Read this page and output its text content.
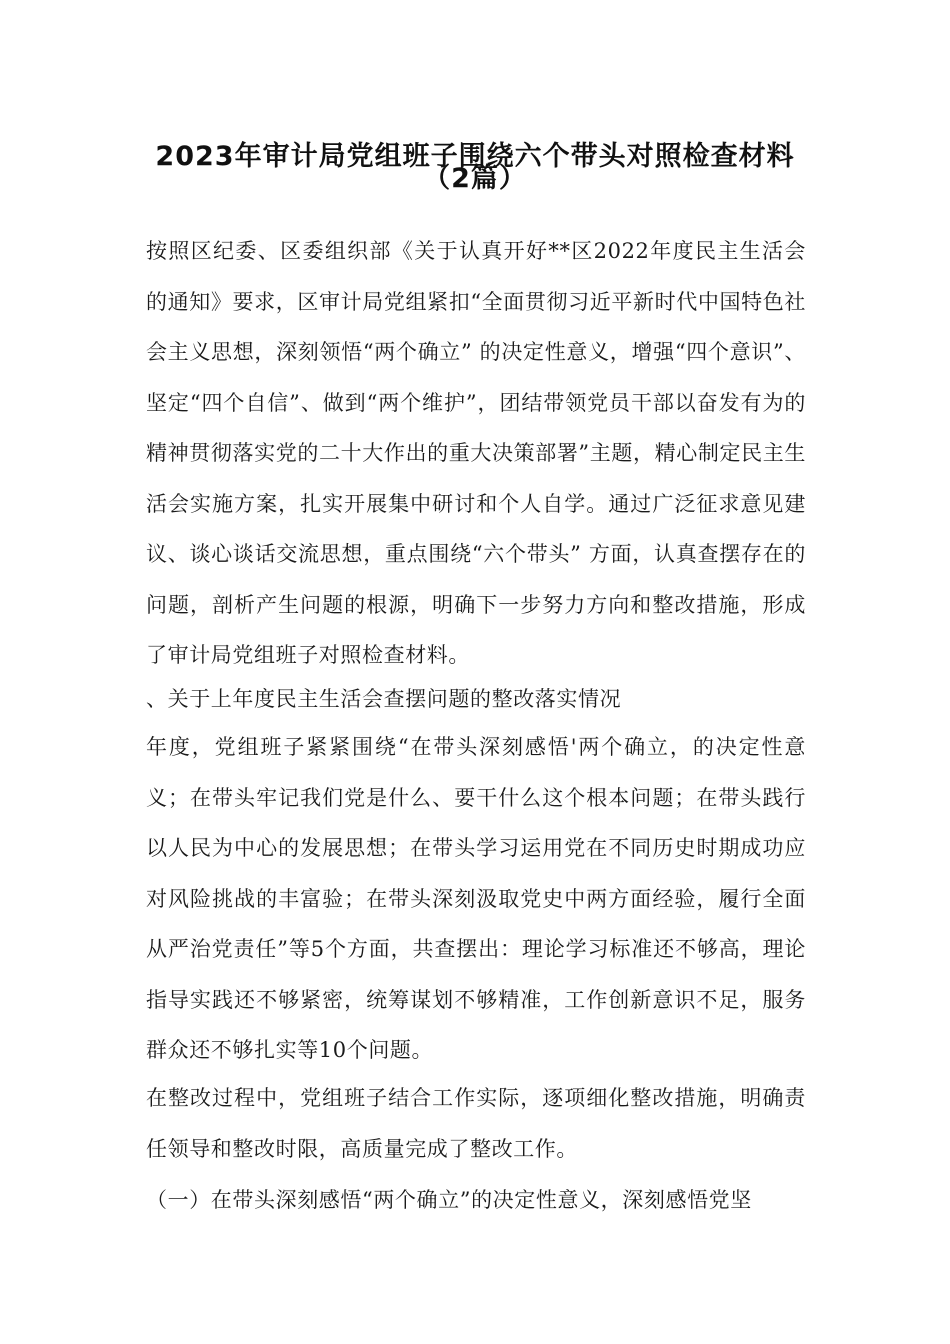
2023年审计局党组班子围绕六个带头对照检查材料
（2篇）

按照区纪委、区委组织部《关于认真开好**区2022年度民主生活会的通知》要求，区审计局党组紧扣“全面贯彻习近平新时代中国特色社会主义思想，深刻领悟“两个确立” 的决定性意义，增强“四个意识”、坚定“四个自信”、做到“两个维护”，团结带领党员干部以奋发有为的精神贯彻落实党的二十大作出的重大决策部署”主题，精心制定民主生活会实施方案，扎实开展集中研讨和个人自学。通过广泛征求意见建议、谈心谈话交流思想，重点围绕“六个带头” 方面，认真查摆存在的问题，剖析产生问题的根源，明确下一步努力方向和整改措施，形成了审计局党组班子对照检查材料。

、关于上年度民主生活会查摆问题的整改落实情况

年度，党组班子紧紧围绕“在带头深刻感悟'两个确立，的决定性意义；在带头牢记我们党是什么、要干什么这个根本问题；在带头践行以人民为中心的发展思想；在带头学习运用党在不同历史时期成功应对风险挑战的丰富验；在带头深刻汲取党史中两方面经验，履行全面从严治党责任”等5个方面，共查摆出：理论学习标准还不够高，理论指导实践还不够紧密，统筹谋划不够精准，工作创新意识不足，服务群众还不够扎实等10个问题。

在整改过程中，党组班子结合工作实际，逐项细化整改措施，明确责任领导和整改时限，高质量完成了整改工作。

（一）在带头深刻感悟“两个确立”的决定性意义，深刻感悟党坚
